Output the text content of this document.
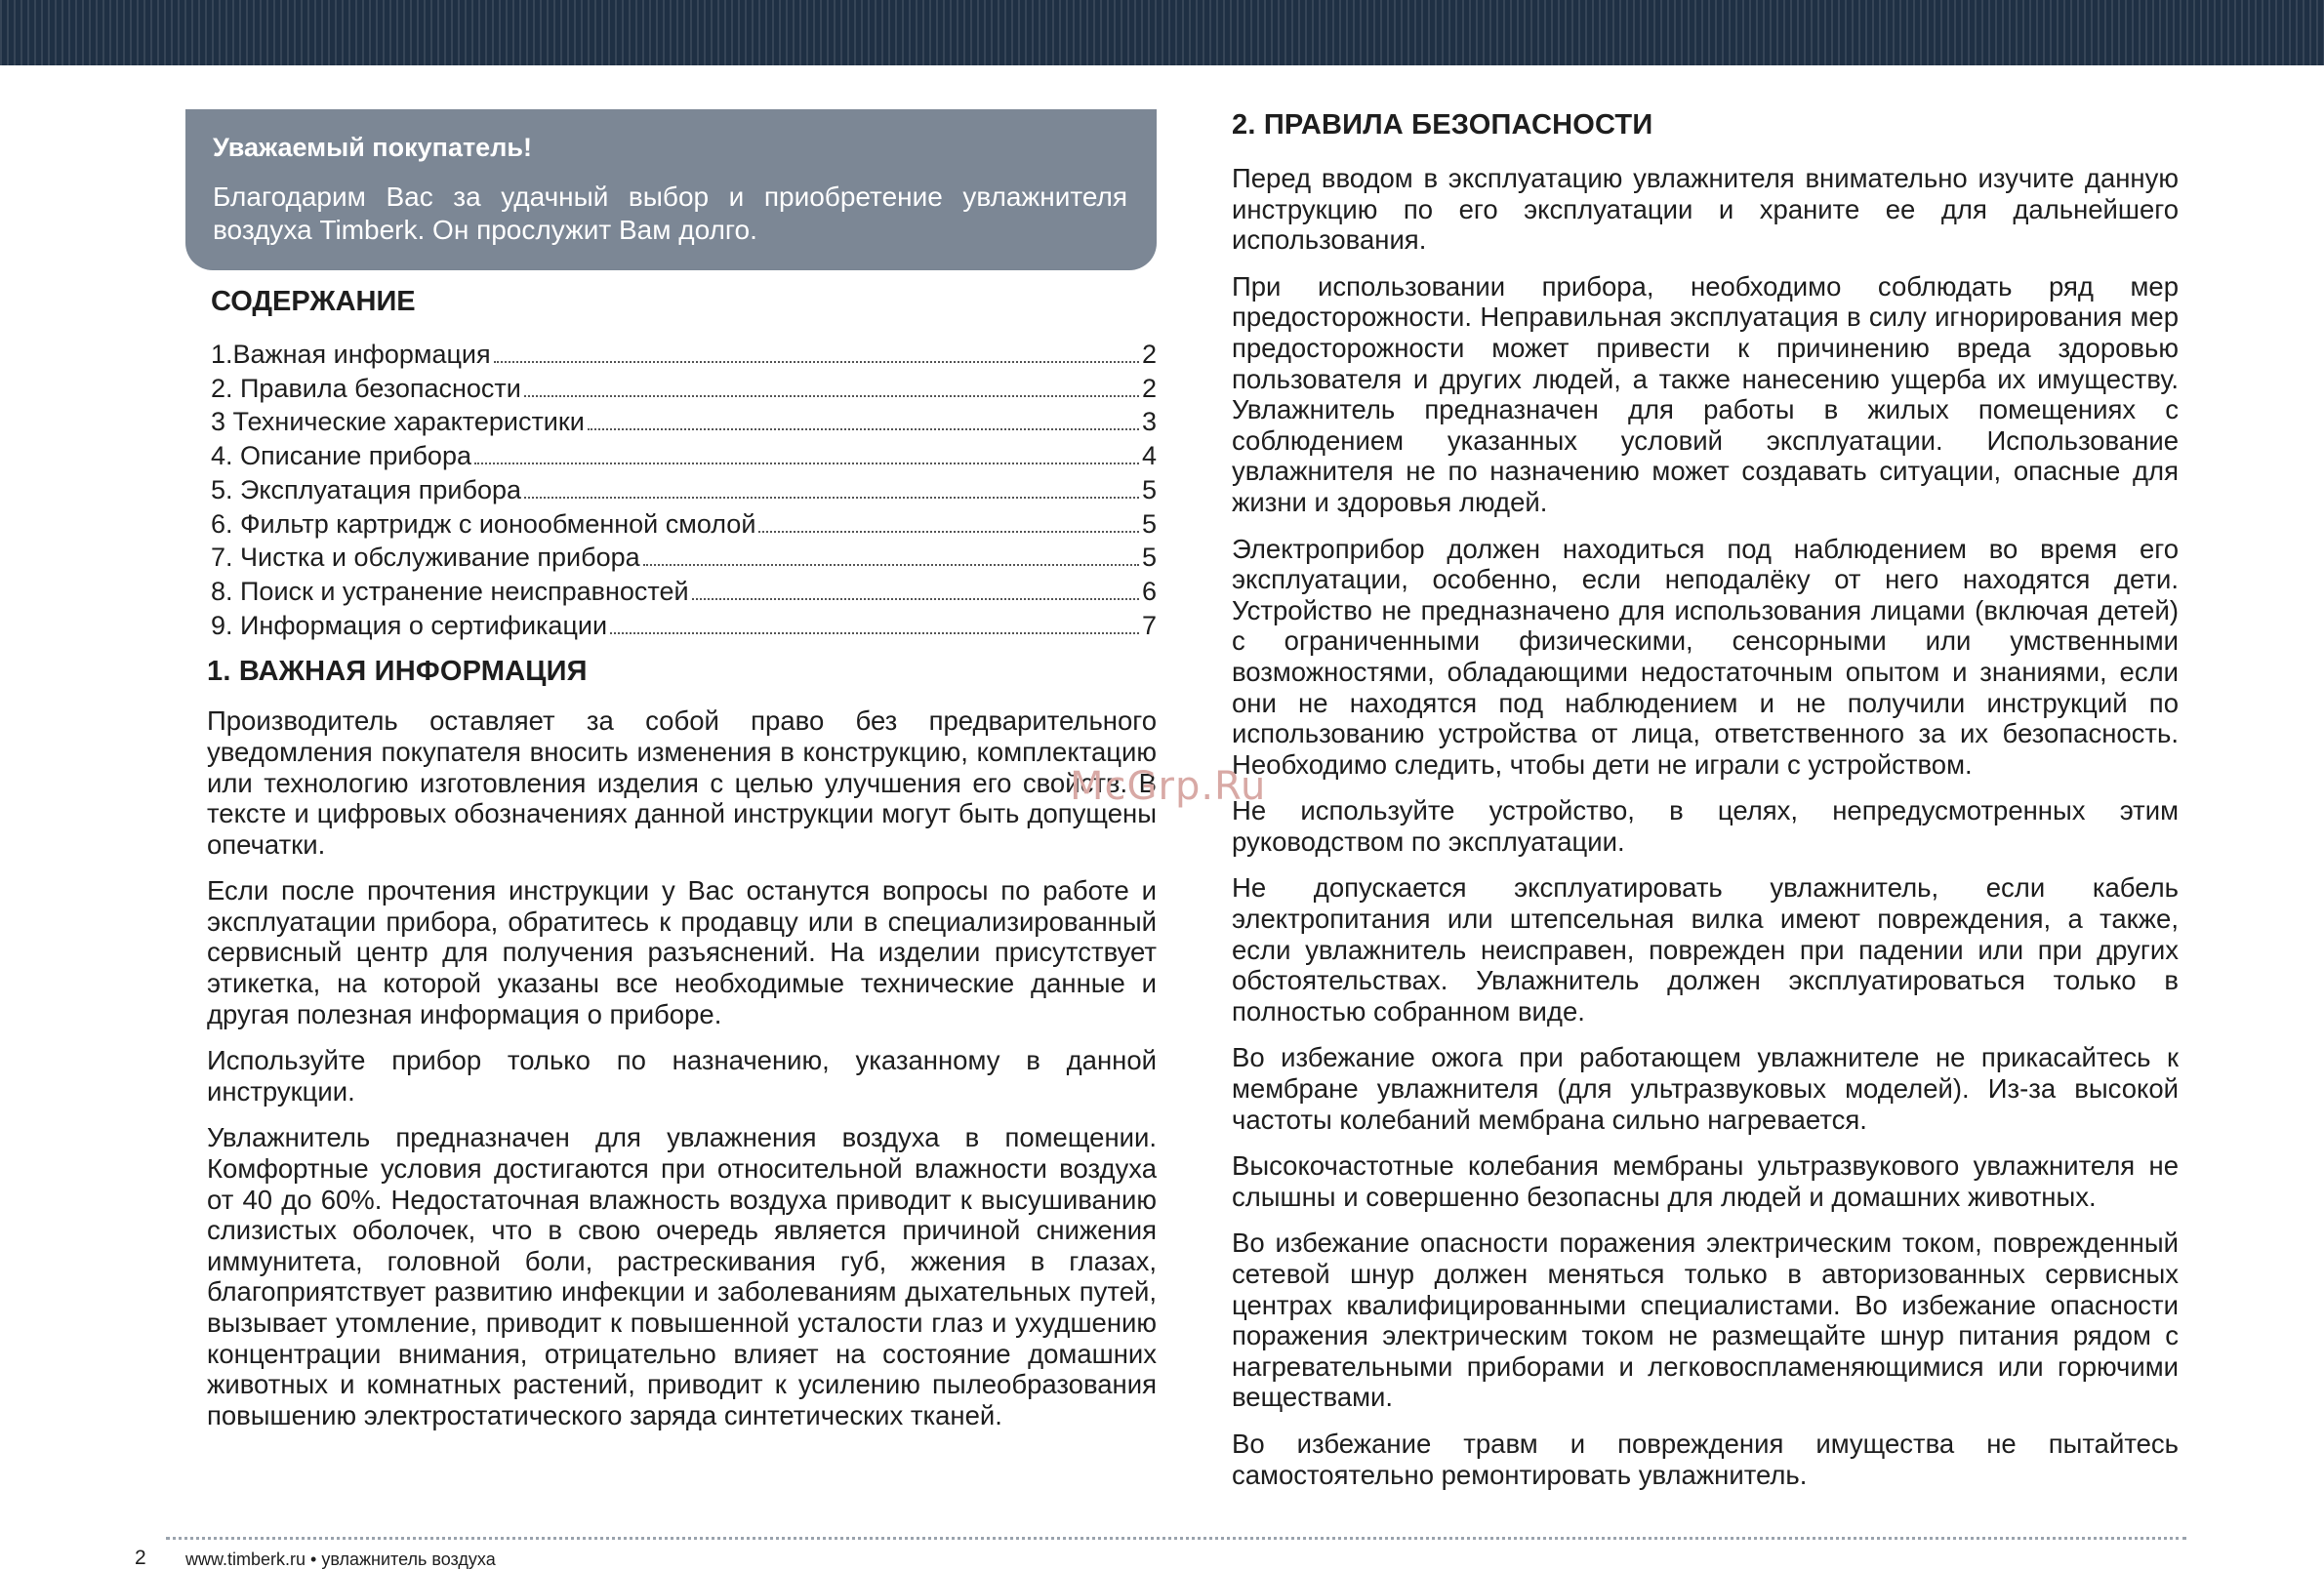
Уважаемый покупатель!
Благодарим Вас за удачный выбор и приобретение увлажнителя воздуха Timberk. Он прослужит Вам долго.
СОДЕРЖАНИЕ
1.Важная информация	2
2. Правила безопасности	2
3 Технические характеристики	3
4. Описание прибора	4
5. Эксплуатация прибора	5
6. Фильтр картридж с ионообменной смолой	5
7. Чистка и обслуживание прибора	5
8. Поиск и устранение неисправностей	6
9. Информация о сертификации	7
1. ВАЖНАЯ ИНФОРМАЦИЯ

Производитель оставляет за собой право без предварительного уведомления покупателя вносить изменения в конструкцию, комплектацию или технологию изготовления изделия с целью улучшения его свойств. В тексте и цифровых обозначениях данной инструкции могут быть допущены опечатки.

Если после прочтения инструкции у Вас останутся вопросы по работе и эксплуатации прибора, обратитесь к продавцу или в специализированный сервисный центр для получения разъяснений. На изделии присутствует этикетка, на которой указаны все необходимые технические данные и другая полезная информация о приборе.

Используйте прибор только по назначению, указанному в данной инструкции.

Увлажнитель предназначен для увлажнения воздуха в помещении. Комфортные условия достигаются при относительной влажности воздуха от 40 до 60%. Недостаточная влажность воздуха приводит к высушиванию слизистых оболочек, что в свою очередь является причиной снижения иммунитета, головной боли, растрескивания губ, жжения в глазах, благоприятствует развитию инфекции и заболеваниям дыхательных путей, вызывает утомление, приводит к повышенной усталости глаз и ухудшению концентрации внимания, отрицательно влияет на состояние домашних животных и комнатных растений, приводит к усилению пылеобразования повышению электростатического заряда синтетических тканей.

2. ПРАВИЛА БЕЗОПАСНОСТИ

Перед вводом в эксплуатацию увлажнителя внимательно изучите данную инструкцию по его эксплуатации и храните ее для дальнейшего использования.

При использовании прибора, необходимо соблюдать ряд мер предосторожности. Неправильная эксплуатация в силу игнорирования мер предосторожности может привести к причинению вреда здоровью пользователя и других людей, а также нанесению ущерба их имуществу. Увлажнитель предназначен для работы в жилых помещениях с соблюдением указанных условий эксплуатации. Использование увлажнителя не по назначению может создавать ситуации, опасные для жизни и здоровья людей.

Электроприбор должен находиться под наблюдением во время его эксплуатации, особенно, если неподалёку от него находятся дети. Устройство не предназначено для использования лицами (включая детей) с ограниченными физическими, сенсорными или умственными возможностями, обладающими недостаточным опытом и знаниями, если они не находятся под наблюдением и не получили инструкций по использованию устройства от лица, ответственного за их безопасность. Необходимо следить, чтобы дети не играли с устройством.

Не используйте устройство, в целях, непредусмотренных этим руководством по эксплуатации.

Не допускается эксплуатировать увлажнитель, если кабель электропитания или штепсельная вилка имеют повреждения, а также, если увлажнитель неисправен, поврежден при падении или при других обстоятельствах. Увлажнитель должен эксплуатироваться только в полностью собранном виде.

Во избежание ожога при работающем увлажнителе не прикасайтесь к мембране увлажнителя (для ультразвуковых моделей). Из-за высокой частоты колебаний мембрана сильно нагревается.

Высокочастотные колебания мембраны ультразвукового увлажнителя не слышны и совершенно безопасны для людей и домашних животных.

Во избежание опасности поражения электрическим током, поврежденный сетевой шнур должен меняться только в авторизованных сервисных центрах квалифицированными специалистами. Во избежание опасности поражения электрическим током не размещайте шнур питания рядом с нагревательными приборами и легковоспламеняющимися или горючими веществами.

Во избежание травм и повреждения имущества не пытайтесь самостоятельно ремонтировать увлажнитель.

McGrp.Ru
2 www.timberk.ru • увлажнитель воздуха
